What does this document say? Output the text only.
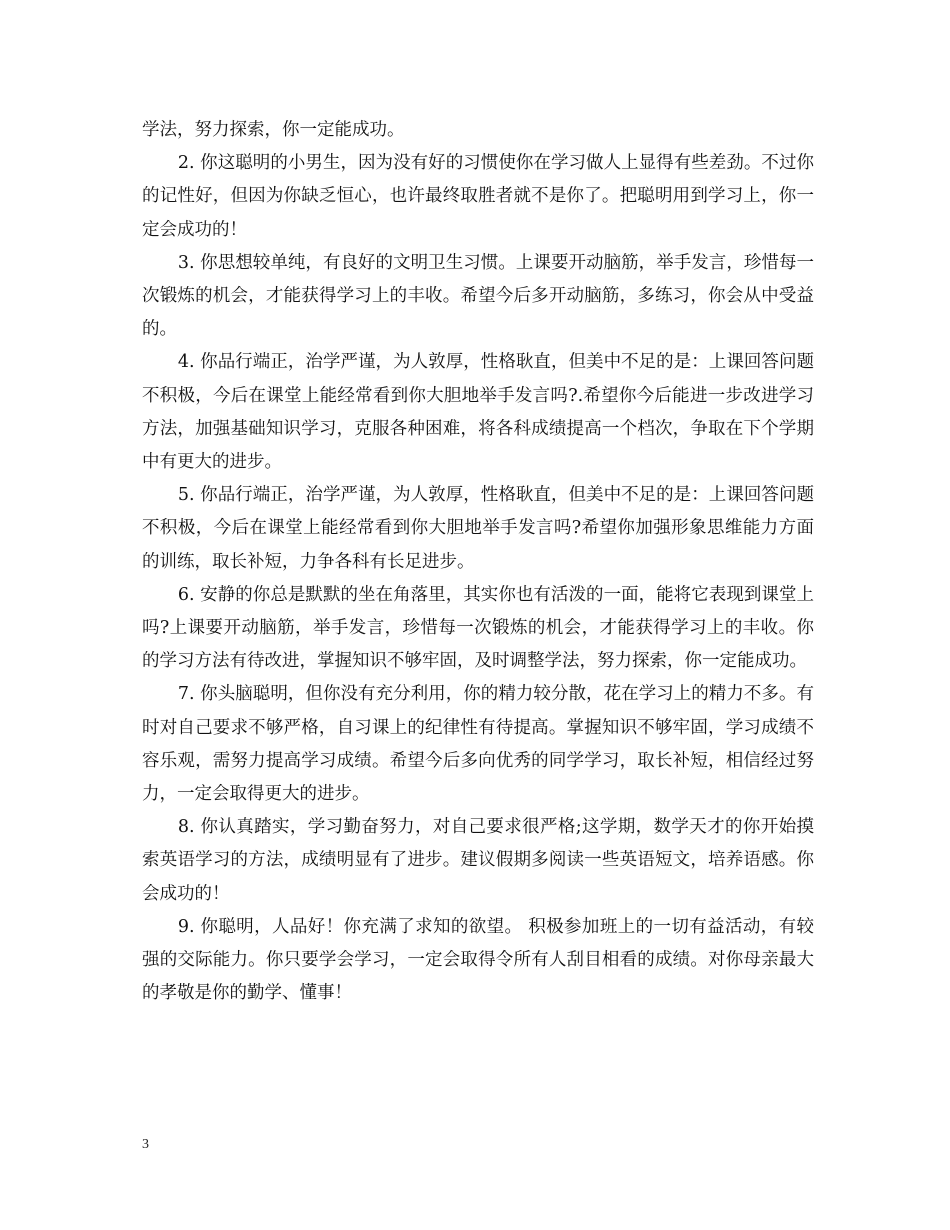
学法，努力探索，你一定能成功。

2. 你这聪明的小男生，因为没有好的习惯使你在学习做人上显得有些差劲。不过你的记性好，但因为你缺乏恒心，也许最终取胜者就不是你了。把聪明用到学习上，你一定会成功的！

3. 你思想较单纯，有良好的文明卫生习惯。上课要开动脑筋，举手发言，珍惜每一次锻炼的机会，才能获得学习上的丰收。希望今后多开动脑筋，多练习，你会从中受益的。

4. 你品行端正，治学严谨，为人敦厚，性格耿直，但美中不足的是：上课回答问题不积极，今后在课堂上能经常看到你大胆地举手发言吗?.希望你今后能进一步改进学习方法，加强基础知识学习，克服各种困难，将各科成绩提高一个档次，争取在下个学期中有更大的进步。

5. 你品行端正，治学严谨，为人敦厚，性格耿直，但美中不足的是：上课回答问题不积极，今后在课堂上能经常看到你大胆地举手发言吗?希望你加强形象思维能力方面的训练，取长补短，力争各科有长足进步。

6. 安静的你总是默默的坐在角落里，其实你也有活泼的一面，能将它表现到课堂上吗?上课要开动脑筋，举手发言，珍惜每一次锻炼的机会，才能获得学习上的丰收。你的学习方法有待改进，掌握知识不够牢固，及时调整学法，努力探索，你一定能成功。

7. 你头脑聪明，但你没有充分利用，你的精力较分散，花在学习上的精力不多。有时对自己要求不够严格，自习课上的纪律性有待提高。掌握知识不够牢固，学习成绩不容乐观，需努力提高学习成绩。希望今后多向优秀的同学学习，取长补短，相信经过努力，一定会取得更大的进步。

8. 你认真踏实，学习勤奋努力，对自己要求很严格;这学期，数学天才的你开始摸索英语学习的方法，成绩明显有了进步。建议假期多阅读一些英语短文，培养语感。你会成功的！

9. 你聪明，人品好！你充满了求知的欲望。 积极参加班上的一切有益活动，有较强的交际能力。你只要学会学习，一定会取得令所有人刮目相看的成绩。对你母亲最大的孝敬是你的勤学、懂事！

3
